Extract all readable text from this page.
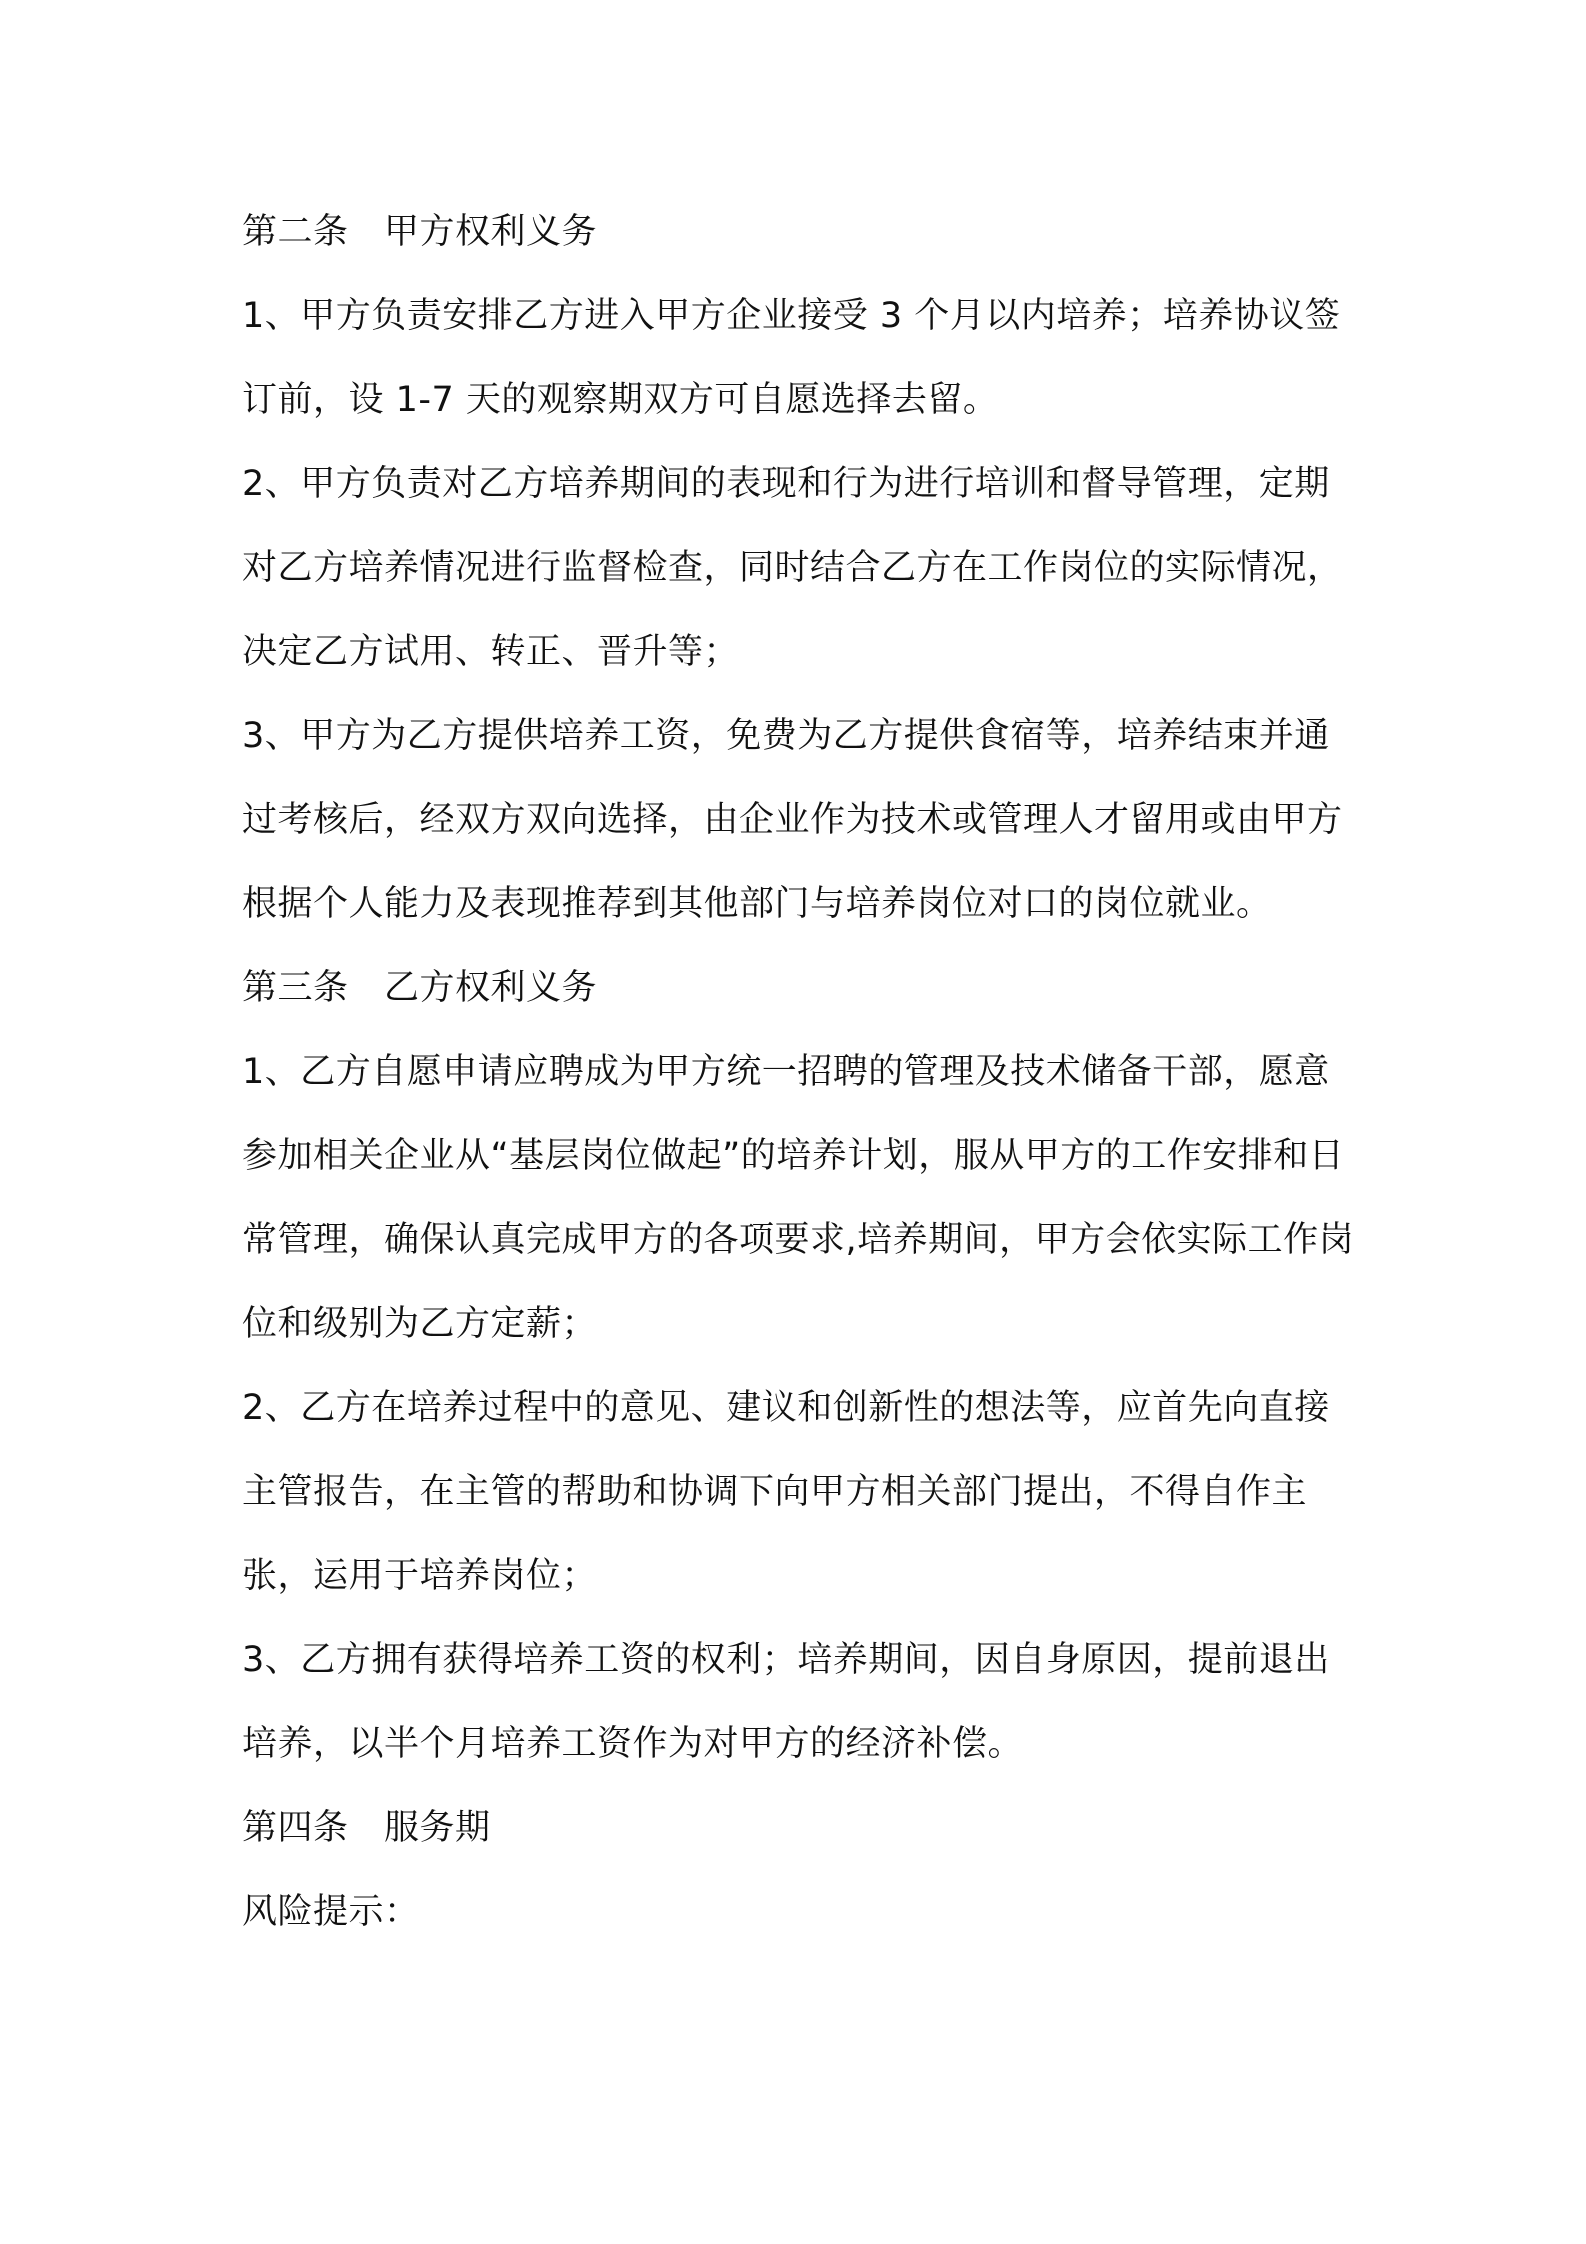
第二条　甲方权利义务
1、甲方负责安排乙方进入甲方企业接受 3 个月以内培养；培养协议签订前，设 1-7 天的观察期双方可自愿选择去留。
2、甲方负责对乙方培养期间的表现和行为进行培训和督导管理，定期对乙方培养情况进行监督检查，同时结合乙方在工作岗位的实际情况，决定乙方试用、转正、晋升等；
3、甲方为乙方提供培养工资，免费为乙方提供食宿等，培养结束并通过考核后，经双方双向选择，由企业作为技术或管理人才留用或由甲方根据个人能力及表现推荐到其他部门与培养岗位对口的岗位就业。
第三条　乙方权利义务
1、乙方自愿申请应聘成为甲方统一招聘的管理及技术储备干部，愿意参加相关企业从“基层岗位做起”的培养计划，服从甲方的工作安排和日常管理，确保认真完成甲方的各项要求,培养期间，甲方会依实际工作岗位和级别为乙方定薪；
2、乙方在培养过程中的意见、建议和创新性的想法等，应首先向直接主管报告，在主管的帮助和协调下向甲方相关部门提出，不得自作主张，运用于培养岗位；
3、乙方拥有获得培养工资的权利；培养期间，因自身原因，提前退出培养，以半个月培养工资作为对甲方的经济补偿。
第四条　服务期
风险提示：
